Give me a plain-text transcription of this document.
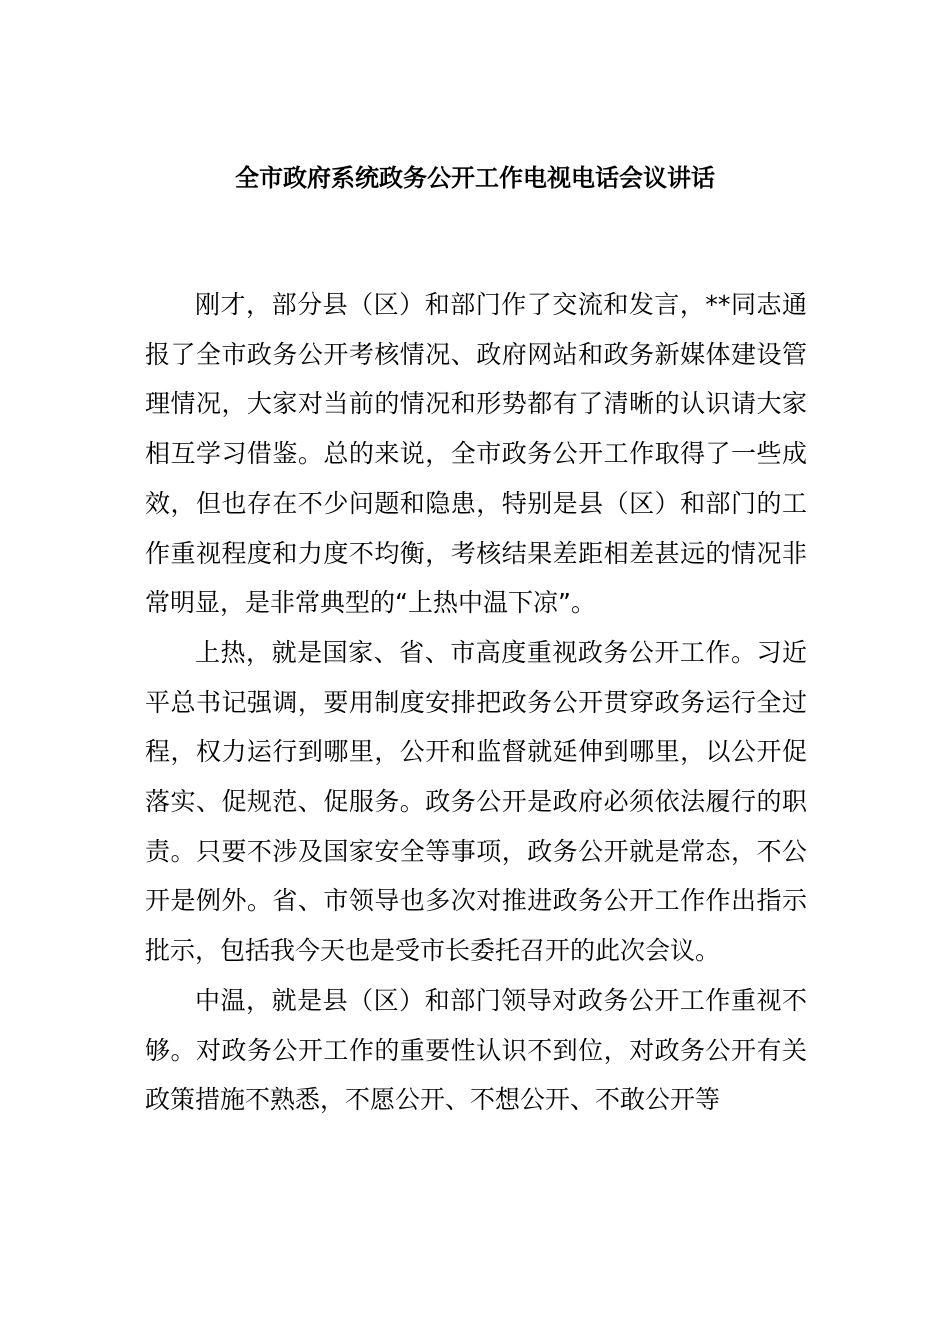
全市政府系统政务公开工作电视电话会议讲话

刚才，部分县（区）和部门作了交流和发言，**同志通报了全市政务公开考核情况、政府网站和政务新媒体建设管理情况，大家对当前的情况和形势都有了清晰的认识请大家相互学习借鉴。总的来说，全市政务公开工作取得了一些成效，但也存在不少问题和隐患，特别是县（区）和部门的工作重视程度和力度不均衡，考核结果差距相差甚远的情况非常明显，是非常典型的“上热中温下凉”。

上热，就是国家、省、市高度重视政务公开工作。习近平总书记强调，要用制度安排把政务公开贯穿政务运行全过程，权力运行到哪里，公开和监督就延伸到哪里，以公开促落实、促规范、促服务。政务公开是政府必须依法履行的职责。只要不涉及国家安全等事项，政务公开就是常态，不公开是例外。省、市领导也多次对推进政务公开工作作出指示批示，包括我今天也是受市长委托召开的此次会议。

中温，就是县（区）和部门领导对政务公开工作重视不够。对政务公开工作的重要性认识不到位，对政务公开有关政策措施不熟悉，不愿公开、不想公开、不敢公开等
